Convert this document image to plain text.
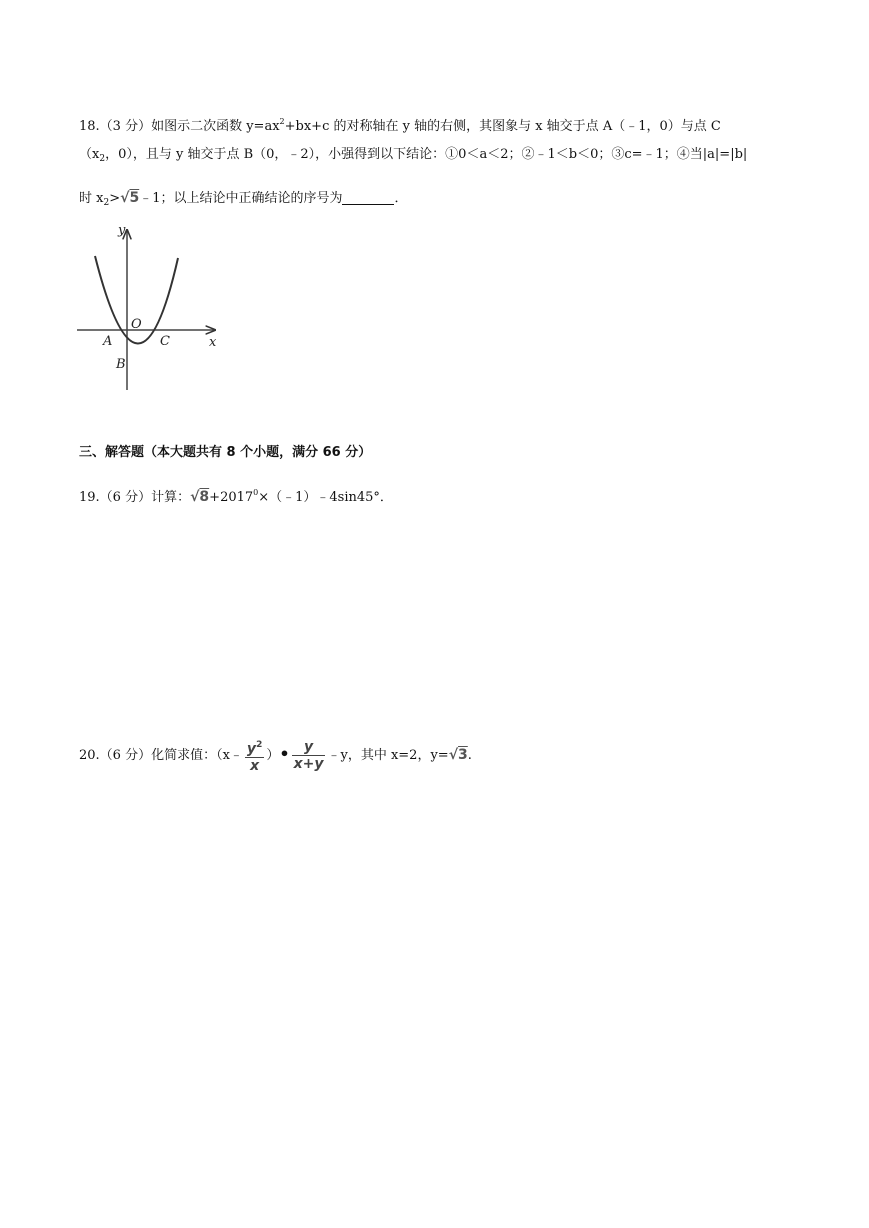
18.（3 分）如图示二次函数 $y=ax^2+bx+c$ 的对称轴在 y 轴的右侧，其图象与 x 轴交于点 A（﹣1，0）与点 C
（$x_2$，0），且与 y 轴交于点 B（0，﹣2），小强得到以下结论：①0＜a＜2；②﹣1＜b＜0；③c=﹣1；④当|a|=|b|
时 $x_2>√5﹣1$；以上结论中正确结论的序号为	．
y
x
O
A	C
B
三、解答题（本大题共有 8 个小题，满分 66 分）
19.（6 分）计算：$√8+2017^0\times(﹣1)﹣4\sin 45^\circ$．
20.（6 分）化简求值：（x﹣ $\frac{y^2}{x}$ ）• $\frac{y}{x+y}$ ﹣y，其中 x=2，y=√3.
